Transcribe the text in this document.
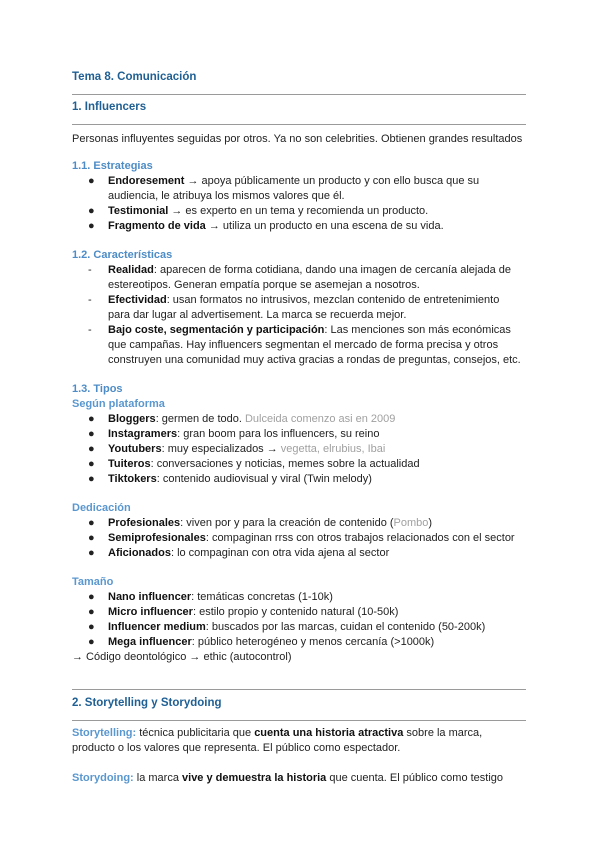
Tema 8. Comunicación
1. Influencers

Personas influyentes seguidas por otros. Ya no son celebrities. Obtienen grandes resultados

1.1. Estrategias
● Endoresement → apoya públicamente un producto y con ello busca que su
audiencia, le atribuya los mismos valores que él.
● Testimonial → es experto en un tema y recomienda un producto.
● Fragmento de vida → utiliza un producto en una escena de su vida.
1.2. Características
- Realidad: aparecen de forma cotidiana, dando una imagen de cercanía alejada de
estereotipos. Generan empatía porque se asemejan a nosotros.
- Efectividad: usan formatos no intrusivos, mezclan contenido de entretenimiento
para dar lugar al advertisement. La marca se recuerda mejor.
- Bajo coste, segmentación y participación: Las menciones son más económicas
que campañas. Hay influencers segmentan el mercado de forma precisa y otros
construyen una comunidad muy activa gracias a rondas de preguntas, consejos, etc.
1.3. Tipos
Según plataforma
● Bloggers: germen de todo. Dulceida comenzo asi en 2009
● Instagramers: gran boom para los influencers, su reino
● Youtubers: muy especializados → vegetta, elrubius, Ibai
● Tuiteros: conversaciones y noticias, memes sobre la actualidad
● Tiktokers: contenido audiovisual y viral (Twin melody)
Dedicación
● Profesionales: viven por y para la creación de contenido (Pombo)
● Semiprofesionales: compaginan rrss con otros trabajos relacionados con el sector
● Aficionados: lo compaginan con otra vida ajena al sector
Tamaño
● Nano influencer: temáticas concretas (1-10k)
● Micro influencer: estilo propio y contenido natural (10-50k)
● Influencer medium: buscados por las marcas, cuidan el contenido (50-200k)
● Mega influencer: público heterogéneo y menos cercanía (>1000k)

→ Código deontológico → ethic (autocontrol)

2. Storytelling y Storydoing

Storytelling: técnica publicitaria que cuenta una historia atractiva sobre la marca,
producto o los valores que representa. El público como espectador.

Storydoing: la marca vive y demuestra la historia que cuenta. El público como testigo
